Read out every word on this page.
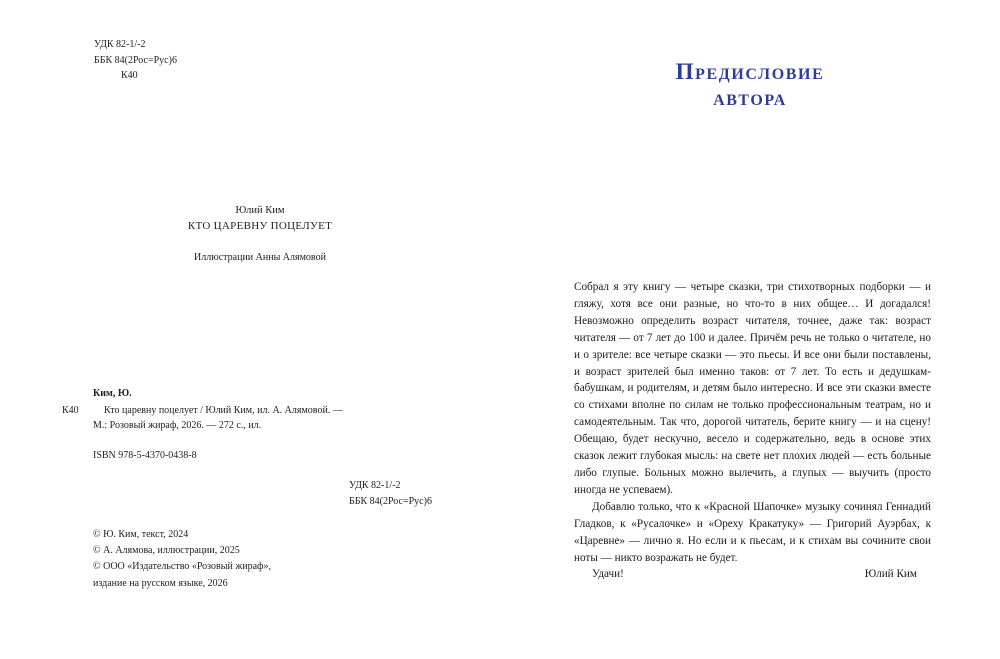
УДК 82-1/-2
ББК 84(2Рос=Рус)6
К40
Юлий Ким
КТО ЦАРЕВНУ ПОЦЕЛУЕТ
Иллюстрации Анны Алямовой
Ким, Ю.
К40	Кто царевну поцелует / Юлий Ким, ил. А. Алямовой. —
М.: Розовый жираф, 2026. — 272 с., ил.
ISBN 978-5-4370-0438-8
УДК 82-1/-2
ББК 84(2Рос=Рус)6
© Ю. Ким, текст, 2024
© А. Алямова, иллюстрации, 2025
© ООО «Издательство «Розовый жираф»,
издание на русском языке, 2026
Предисловие
автора

Собрал я эту книгу — четыре сказки, три стихотворных подборки — и гляжу, хотя все они разные, но что-то в них общее… И догадался! Невозможно определить возраст читателя, точнее, даже так: возраст читателя — от 7 лет до 100 и далее. Причём речь не только о читателе, но и о зрителе: все четыре сказки — это пьесы. И все они были поставлены, и возраст зрителей был именно таков: от 7 лет. То есть и дедушкам-бабушкам, и родителям, и детям было интересно. И все эти сказки вместе со стихами вполне по силам не только профессиональным театрам, но и самодеятельным. Так что, дорогой читатель, берите книгу — и на сцену! Обещаю, будет нескучно, весело и содержательно, ведь в основе этих сказок лежит глубокая мысль: на свете нет плохих людей — есть больные либо глупые. Больных можно вылечить, а глупых — выучить (просто иногда не успеваем).

Добавлю только, что к «Красной Шапочке» музыку сочинял Геннадий Гладков, к «Русалочке» и «Ореху Кракатуку» — Григорий Ауэрбах, к «Царевне» — лично я. Но если и к пьесам, и к стихам вы сочините свои ноты — никто возражать не будет.

Удачи!	Юлий Ким
